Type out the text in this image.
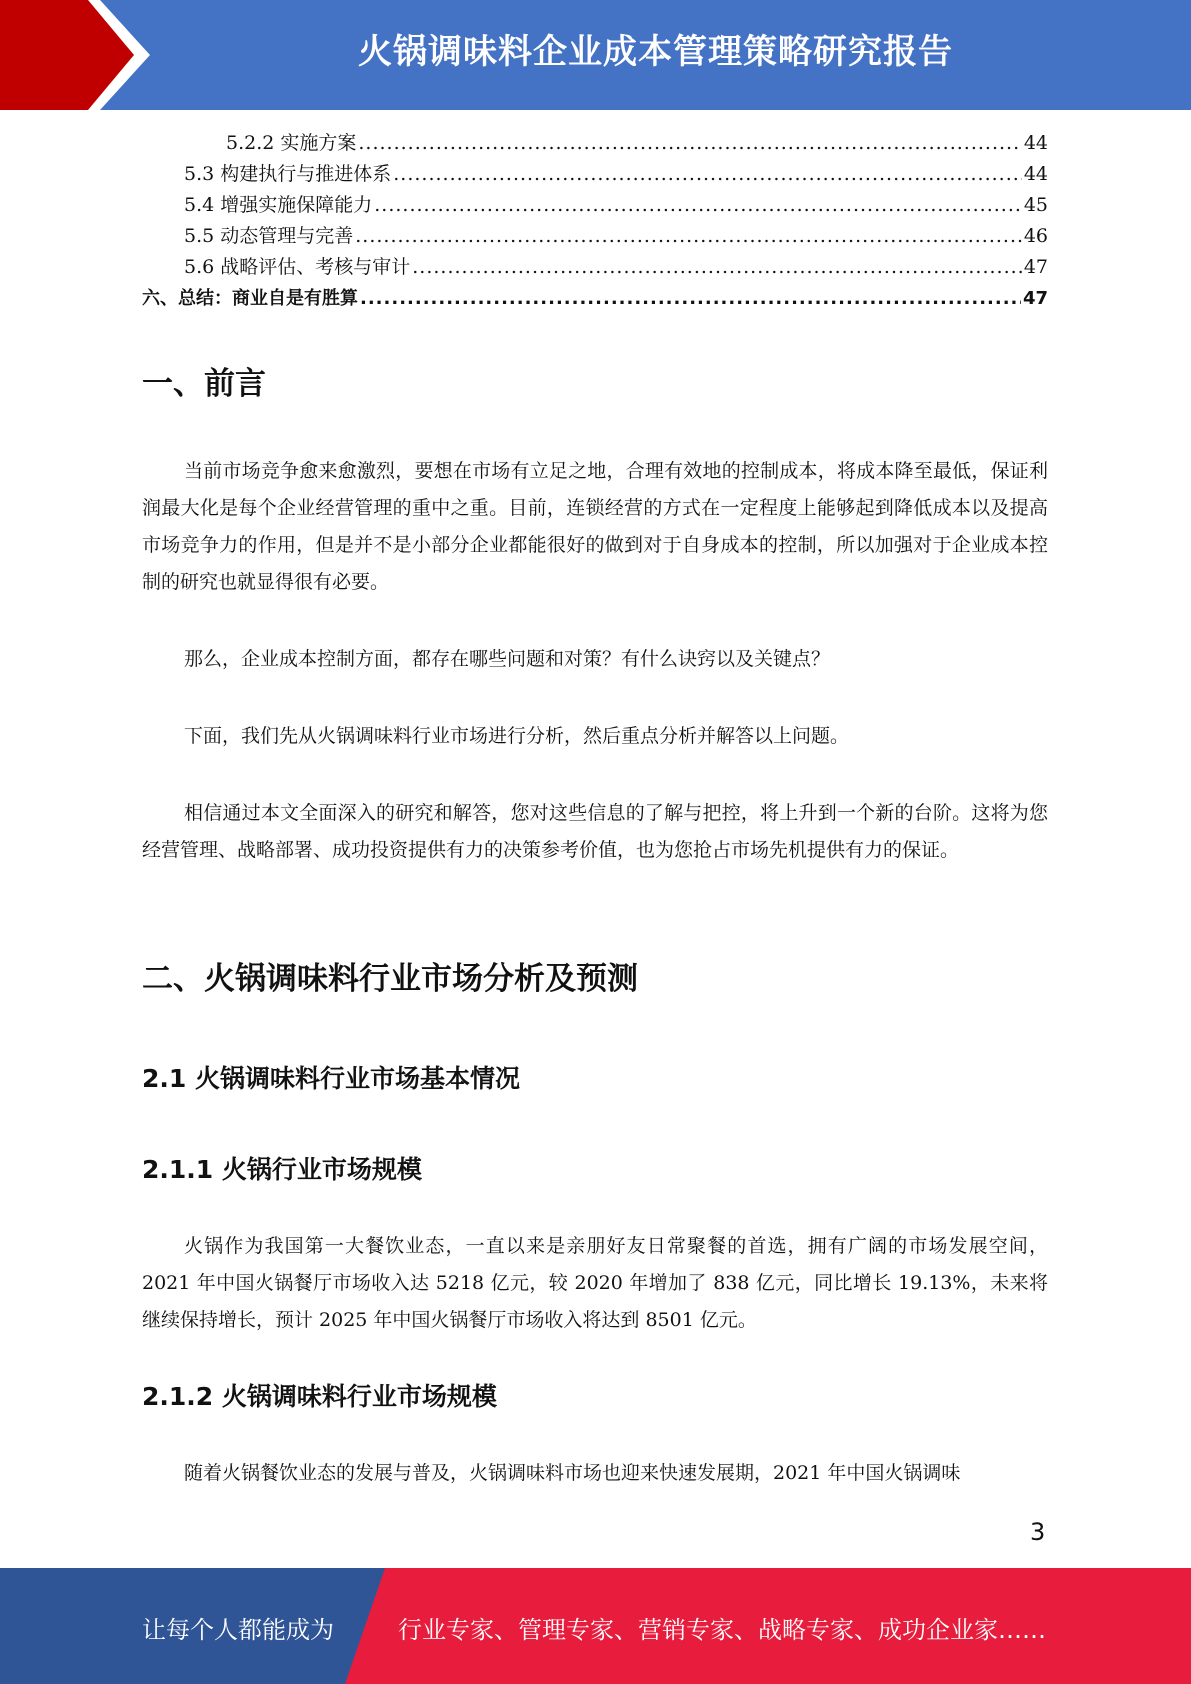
火锅调味料企业成本管理策略研究报告
5.2.2 实施方案 .....	44
5.3 构建执行与推进体系 .....	44
5.4 增强实施保障能力 .....	45
5.5 动态管理与完善 .....	46
5.6 战略评估、考核与审计 .....	47
六、总结：商业自是有胜算 .....	47
一、前言
当前市场竞争愈来愈激烈，要想在市场有立足之地，合理有效地的控制成本，将成本降至最低，保证利润最大化是每个企业经营管理的重中之重。目前，连锁经营的方式在一定程度上能够起到降低成本以及提高市场竞争力的作用，但是并不是小部分企业都能很好的做到对于自身成本的控制，所以加强对于企业成本控制的研究也就显得很有必要。
那么，企业成本控制方面，都存在哪些问题和对策？有什么诀窍以及关键点？
下面，我们先从火锅调味料行业市场进行分析，然后重点分析并解答以上问题。
相信通过本文全面深入的研究和解答，您对这些信息的了解与把控，将上升到一个新的台阶。这将为您经营管理、战略部署、成功投资提供有力的决策参考价值，也为您抢占市场先机提供有力的保证。
二、火锅调味料行业市场分析及预测
2.1 火锅调味料行业市场基本情况
2.1.1 火锅行业市场规模
火锅作为我国第一大餐饮业态，一直以来是亲朋好友日常聚餐的首选，拥有广阔的市场发展空间，2021 年中国火锅餐厅市场收入达 5218 亿元，较 2020 年增加了 838 亿元，同比增长 19.13%，未来将继续保持增长，预计 2025 年中国火锅餐厅市场收入将达到 8501 亿元。
2.1.2 火锅调味料行业市场规模
随着火锅餐饮业态的发展与普及，火锅调味料市场也迎来快速发展期，2021 年中国火锅调味
3
让每个人都能成为	行业专家、管理专家、营销专家、战略专家、成功企业家……
